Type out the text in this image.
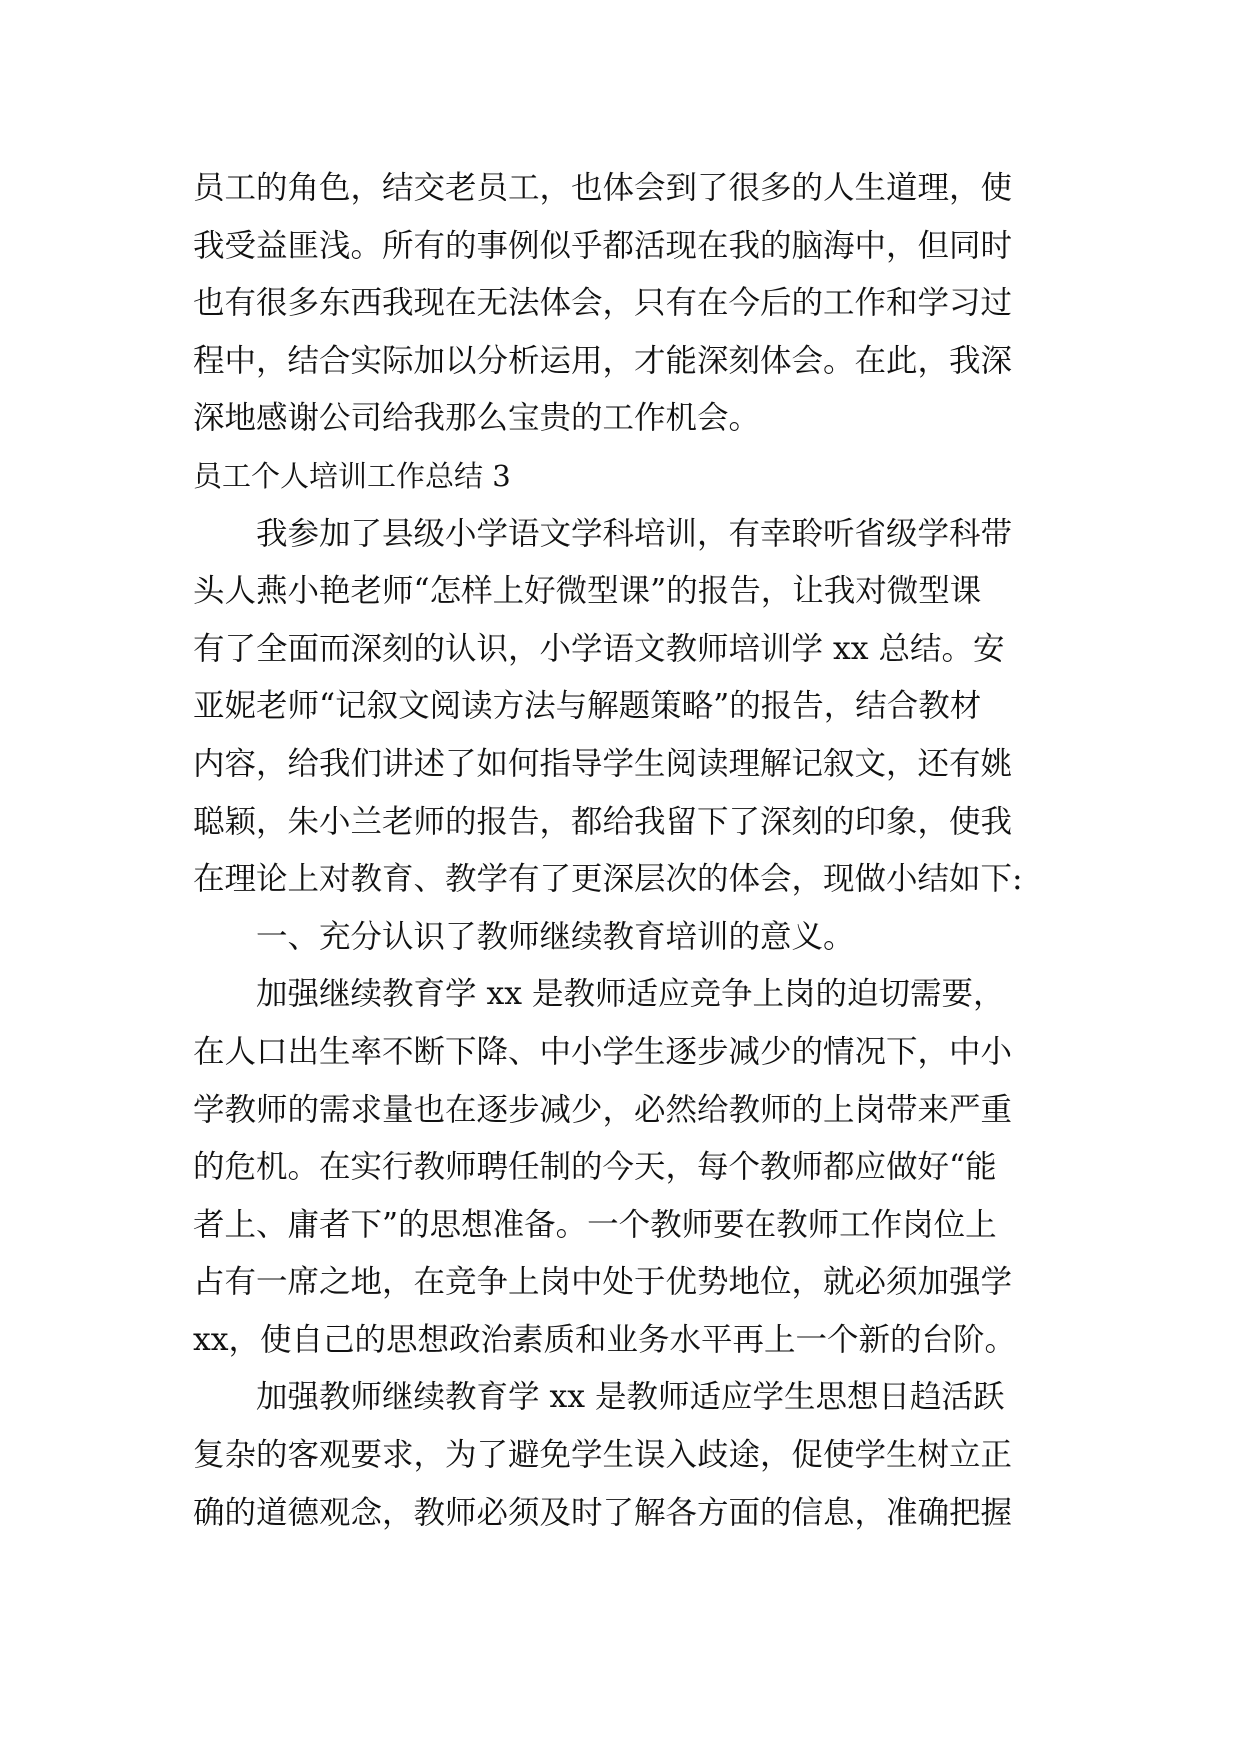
员工的角色，结交老员工，也体会到了很多的人生道理，使
我受益匪浅。所有的事例似乎都活现在我的脑海中，但同时
也有很多东西我现在无法体会，只有在今后的工作和学习过
程中，结合实际加以分析运用，才能深刻体会。在此，我深
深地感谢公司给我那么宝贵的工作机会。
员工个人培训工作总结 3
我参加了县级小学语文学科培训，有幸聆听省级学科带
头人燕小艳老师“怎样上好微型课”的报告，让我对微型课
有了全面而深刻的认识，小学语文教师培训学 xx 总结。安
亚妮老师“记叙文阅读方法与解题策略”的报告，结合教材
内容，给我们讲述了如何指导学生阅读理解记叙文，还有姚
聪颖，朱小兰老师的报告，都给我留下了深刻的印象，使我
在理论上对教育、教学有了更深层次的体会，现做小结如下:
一、充分认识了教师继续教育培训的意义。
加强继续教育学 xx 是教师适应竞争上岗的迫切需要，
在人口出生率不断下降、中小学生逐步减少的情况下，中小
学教师的需求量也在逐步减少，必然给教师的上岗带来严重
的危机。在实行教师聘任制的今天，每个教师都应做好“能
者上、庸者下”的思想准备。一个教师要在教师工作岗位上
占有一席之地，在竞争上岗中处于优势地位，就必须加强学
xx，使自己的思想政治素质和业务水平再上一个新的台阶。
加强教师继续教育学 xx 是教师适应学生思想日趋活跃
复杂的客观要求，为了避免学生误入歧途，促使学生树立正
确的道德观念，教师必须及时了解各方面的信息，准确把握
